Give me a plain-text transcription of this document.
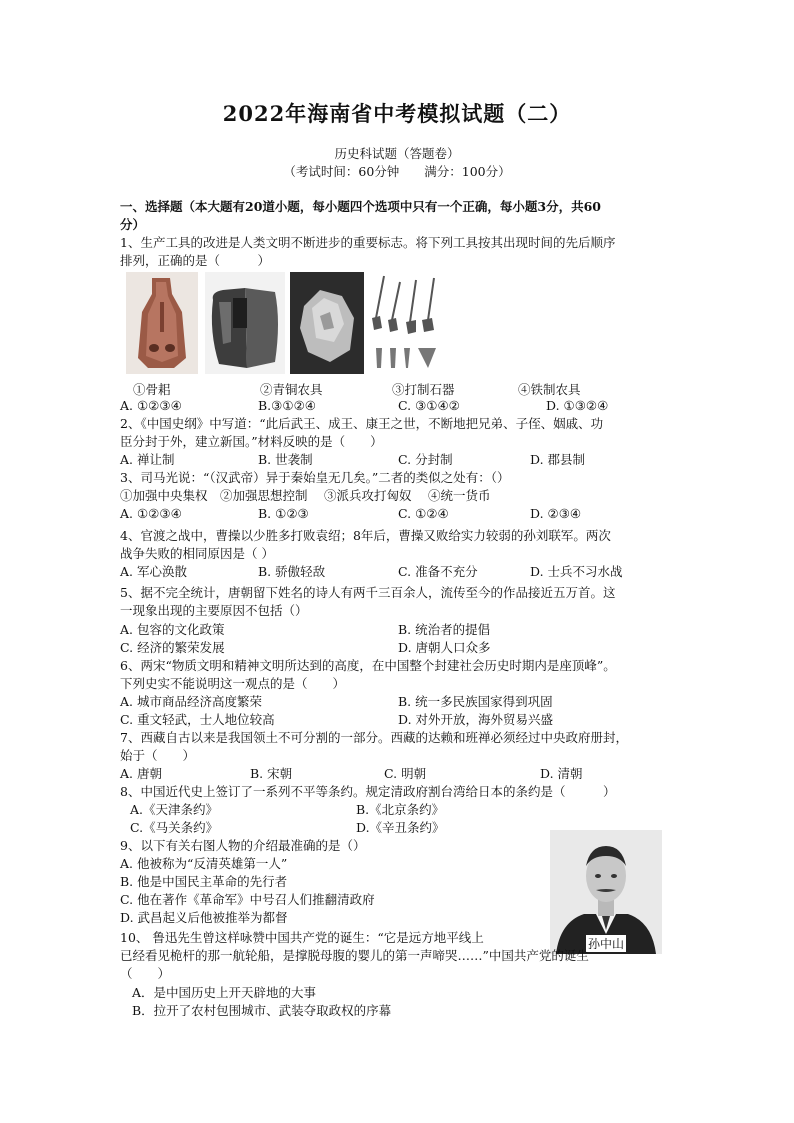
2022年海南省中考模拟试题（二）
历史科试题（答题卷）
（考试时间：60分钟　　满分：100分）
一、选择题（本大题有20道小题，每小题四个选项中只有一个正确，每小题3分，共60
分）
1、生产工具的改进是人类文明不断进步的重要标志。将下列工具按其出现时间的先后顺序
排列，正确的是（　　　）
①骨耜	②青铜农具	③打制石器	④铁制农具
A. ①②③④	B.③①②④	C. ③①④②	D. ①③②④
2、《中国史纲》中写道：“此后武王、成王、康王之世，不断地把兄弟、子侄、姻戚、功
臣分封于外，建立新国。”材料反映的是（　　）
A. 禅让制	B. 世袭制	C. 分封制	D. 郡县制
3、司马光说：“（汉武帝）异于秦始皇无几矣。”二者的类似之处有：（）
①加强中央集权　②加强思想控制　 ③派兵攻打匈奴　 ④统一货币
A. ①②③④	B. ①②③	C. ①②④	D. ②③④
4、官渡之战中，曹操以少胜多打败袁绍；8年后，曹操又败给实力较弱的孙刘联军。两次
战争失败的相同原因是（ ）
A. 军心涣散	B. 骄傲轻敌	C. 准备不充分	D. 士兵不习水战
5、据不完全统计，唐朝留下姓名的诗人有两千三百余人，流传至今的作品接近五万首。这
一现象出现的主要原因不包括（）
A. 包容的文化政策	B. 统治者的提倡
C. 经济的繁荣发展	D. 唐朝人口众多
6、两宋“物质文明和精神文明所达到的高度，在中国整个封建社会历史时期内是座顶峰”。
下列史实不能说明这一观点的是（　　）
A. 城市商品经济高度繁荣	B. 统一多民族国家得到巩固
C. 重文轻武，士人地位较高	D. 对外开放，海外贸易兴盛
7、西藏自古以来是我国领土不可分割的一部分。西藏的达赖和班禅必须经过中央政府册封，
始于（　　）
A. 唐朝	B. 宋朝	C. 明朝	D. 清朝
8、中国近代史上签订了一系列不平等条约。规定清政府割台湾给日本的条约是（　　　）
A.《天津条约》	B.《北京条约》
C.《马关条约》	D.《辛丑条约》
9、以下有关右图人物的介绍最准确的是（）
A. 他被称为“反清英雄第一人”
B. 他是中国民主革命的先行者
C. 他在著作《革命军》中号召人们推翻清政府
D. 武昌起义后他被推举为都督
孙中山
10、 鲁迅先生曾这样咏赞中国共产党的诞生：“它是远方地平线上
已经看见桅杆的那一航轮船，是撑脱母腹的婴儿的第一声啼哭……”中国共产党的诞生
（　　）
A．是中国历史上开天辟地的大事
B．拉开了农村包围城市、武装夺取政权的序幕
